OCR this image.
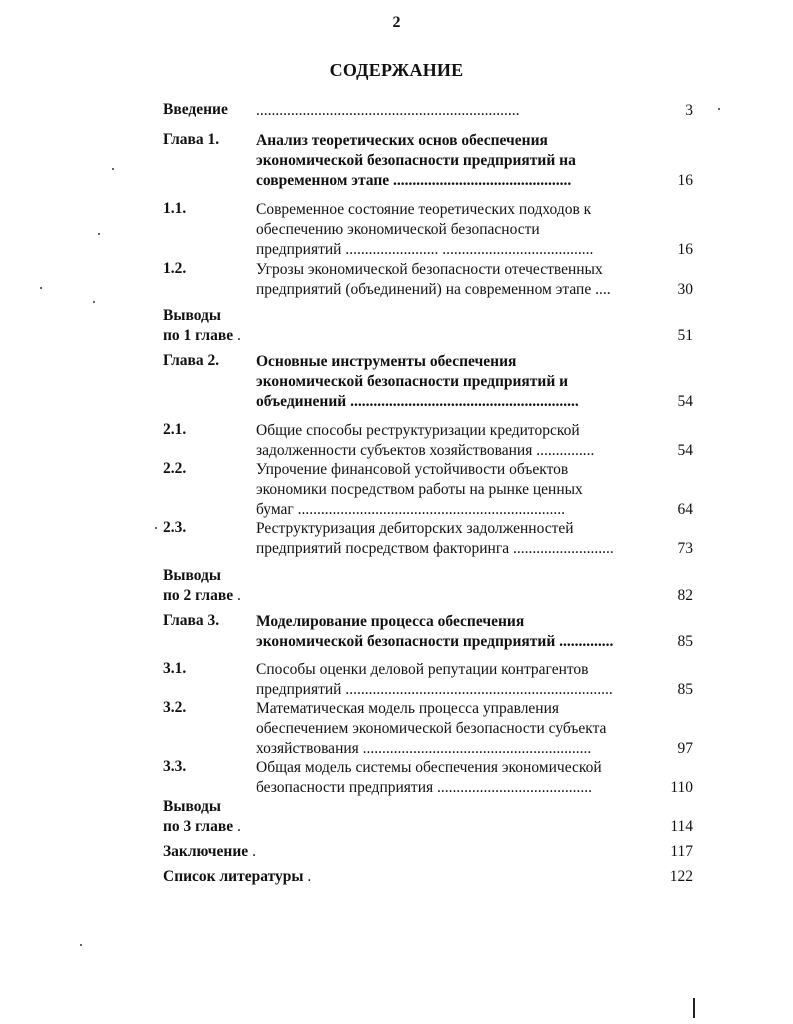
2
СОДЕРЖАНИЕ
Введение ....................................................................	3
Глава 1. Анализ теоретических основ обеспечения
экономической безопасности предприятий на
современном этапе ..............................................	16
1.1.	Современное состояние теоретических подходов к
обеспечению экономической безопасности
предприятий ........................ .......................................	16
1.2.	Угрозы экономической безопасности отечественных
предприятий (объединений) на современном этапе ....	30
Выводы
по 1 главе .	51
Глава 2. Основные инструменты обеспечения
экономической безопасности предприятий и
объединений ...........................................................	54
2.1.	Общие способы реструктуризации кредиторской
задолженности субъектов хозяйствования ...............	54
2.2.	Упрочение финансовой устойчивости объектов
экономики посредством работы на рынке ценных
бумаг .....................................................................	64
2.3.	Реструктуризация дебиторских задолженностей
предприятий посредством факторинга ..........................	73
Выводы
по 2 главе .	82
Глава 3. Моделирование процесса обеспечения
экономической безопасности предприятий ..............	85
3.1.	Способы оценки деловой репутации контрагентов
предприятий .....................................................................	85
3.2.	Математическая модель процесса управления
обеспечением экономической безопасности субъекта
хозяйствования ...........................................................	97
3.3.	Общая модель системы обеспечения экономической
безопасности предприятия ........................................	110
Выводы
по 3 главе .	114
Заключение .	117
Список литературы .	122
